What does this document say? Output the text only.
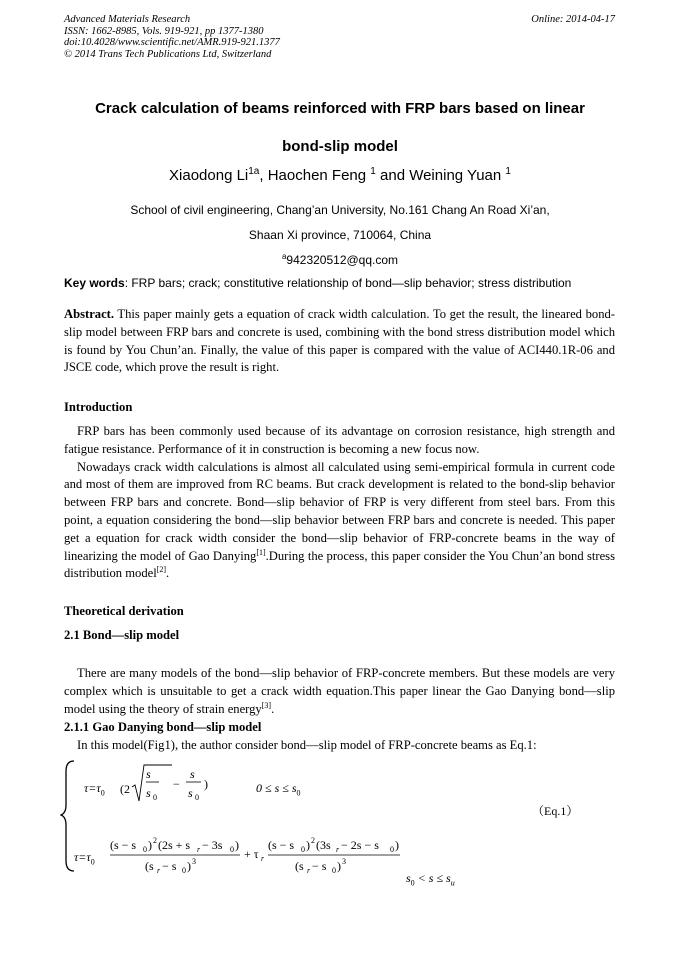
Advanced Materials Research
ISSN: 1662-8985, Vols. 919-921, pp 1377-1380
doi:10.4028/www.scientific.net/AMR.919-921.1377
© 2014 Trans Tech Publications Ltd, Switzerland
Online: 2014-04-17
Crack calculation of beams reinforced with FRP bars based on linear
bond-slip model
Xiaodong $Li^{1a}$, Haochen Feng $^1$ and Weining Yuan $^1$
School of civil engineering, Chang’an University, No.161 Chang An Road Xi’an,
Shaan Xi province, 710064, China
$^a$942320512@qq.com
Key words: FRP bars; crack; constitutive relationship of bond—slip behavior; stress distribution

Abstract. This paper mainly gets a equation of crack width calculation. To get the result, the lineared bond-slip model between FRP bars and concrete is used, combining with the bond stress distribution model which is found by You Chun’an. Finally, the value of this paper is compared with the value of ACI440.1R-06 and JSCE code, which prove the result is right.

Introduction

FRP bars has been commonly used because of its advantage on corrosion resistance, high strength and fatigue resistance. Performance of it in construction is becoming a new focus now.

Nowadays crack width calculations is almost all calculated using semi-empirical formula in current code and most of them are improved from RC beams. But crack development is related to the bond-slip behavior between FRP bars and concrete. Bond—slip behavior of FRP is very different from steel bars. From this point, a equation considering the bond—slip behavior between FRP bars and concrete is needed. This paper get a equation for crack width consider the bond—slip behavior of FRP-concrete beams in the way of linearizing the model of Gao Danying[1].During the process, this paper consider the You Chun’an bond stress distribution model[2].

Theoretical derivation
2.1 Bond—slip model

There are many models of the bond—slip behavior of FRP-concrete members. But these models are very complex which is unsuitable to get a crack width equation.This paper linear the Gao Danying bond—slip model using the theory of strain energy[3].

2.1.1 Gao Danying bond—slip model

In this model(Fig1), the author consider bond—slip model of FRP-concrete beams as Eq.1:

(2
s
s 0
−
s
s 0
)
(s − s 0 ) 2 (2s + s r − 3s 0 )
(s r − s 0 ) 3
+ τ r
(s − s 0 ) 2 (3s r − 2s − s 0 )
(s r − s 0 ) 3
$\tau=\tau_0$	$0 \le s \le s_0$
（Eq.1）
$\tau=\tau_0$
$s_0 < s \le s_u$
